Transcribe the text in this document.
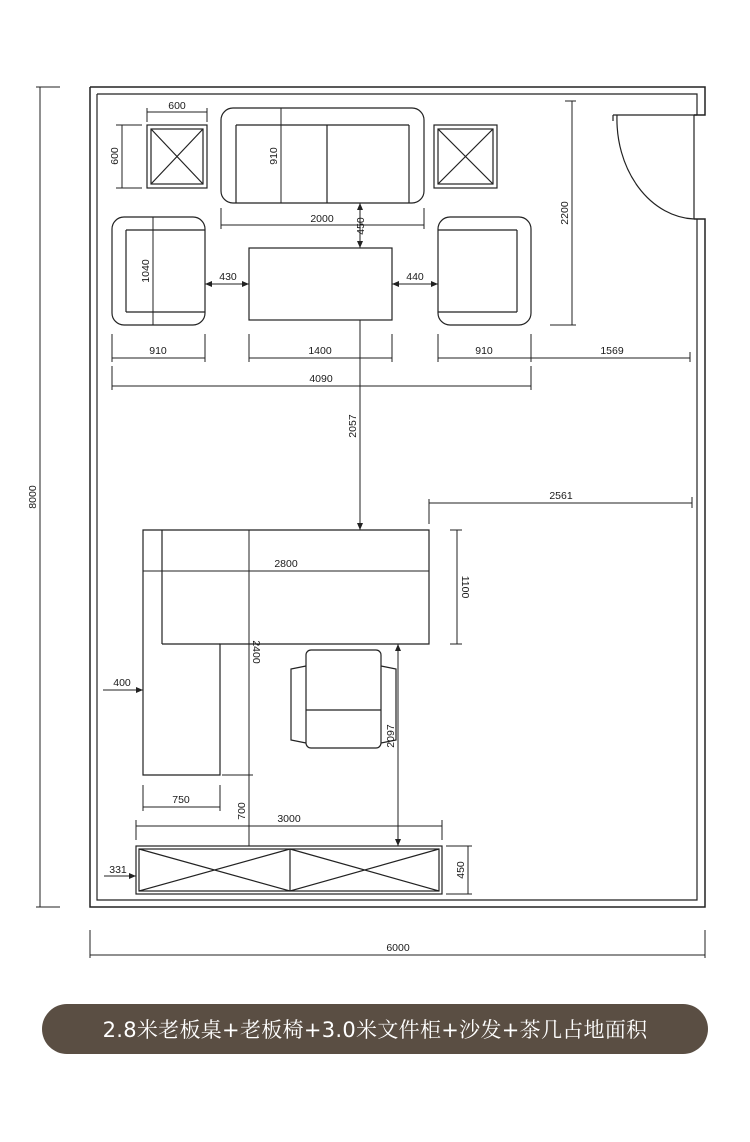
8000
6000
600
600	910
2000 450
2200
1040	430	440
910	1400	910	1569
4090
2057
2561
2800
1100
2400
400
750
2097
700	3000
450
331
2.8米老板桌+老板椅+3.0米文件柜+沙发+茶几占地面积
